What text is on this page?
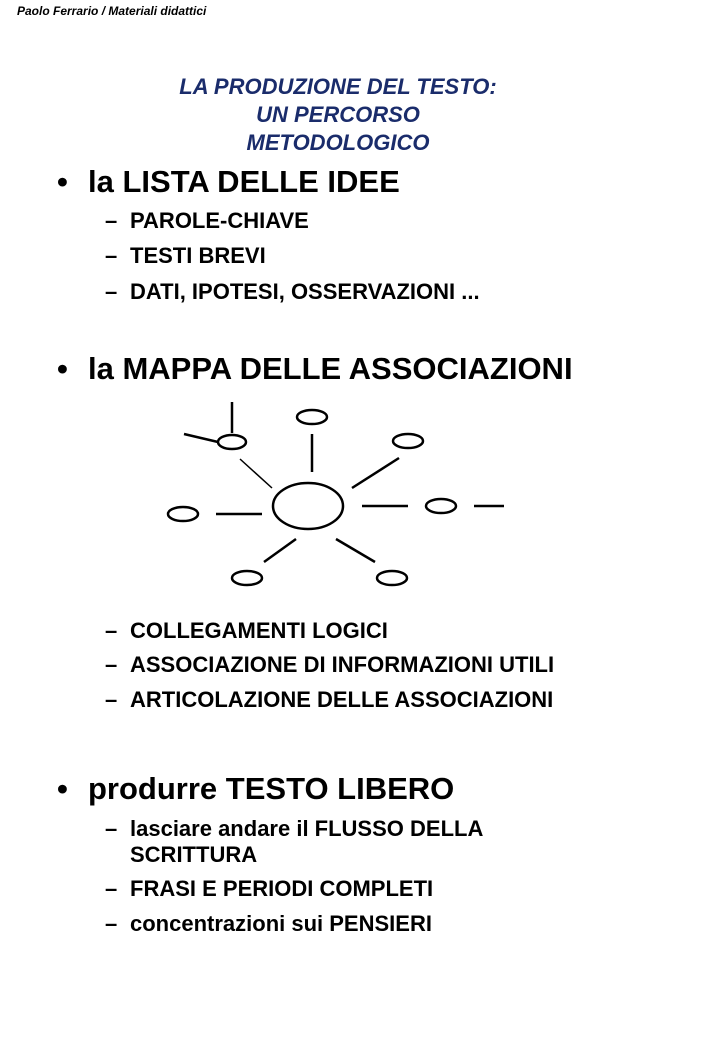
Paolo Ferrario / Materiali didattici
LA PRODUZIONE DEL TESTO:
UN PERCORSO
METODOLOGICO
• la LISTA DELLE IDEE
– PAROLE-CHIAVE
– TESTI BREVI
– DATI, IPOTESI, OSSERVAZIONI ...
• la MAPPA DELLE ASSOCIAZIONI
– COLLEGAMENTI LOGICI
– ASSOCIAZIONE DI INFORMAZIONI UTILI
– ARTICOLAZIONE DELLE ASSOCIAZIONI
• produrre TESTO LIBERO
– lasciare andare il FLUSSO DELLA SCRITTURA
– FRASI E PERIODI COMPLETI
– concentrazioni sui PENSIERI
